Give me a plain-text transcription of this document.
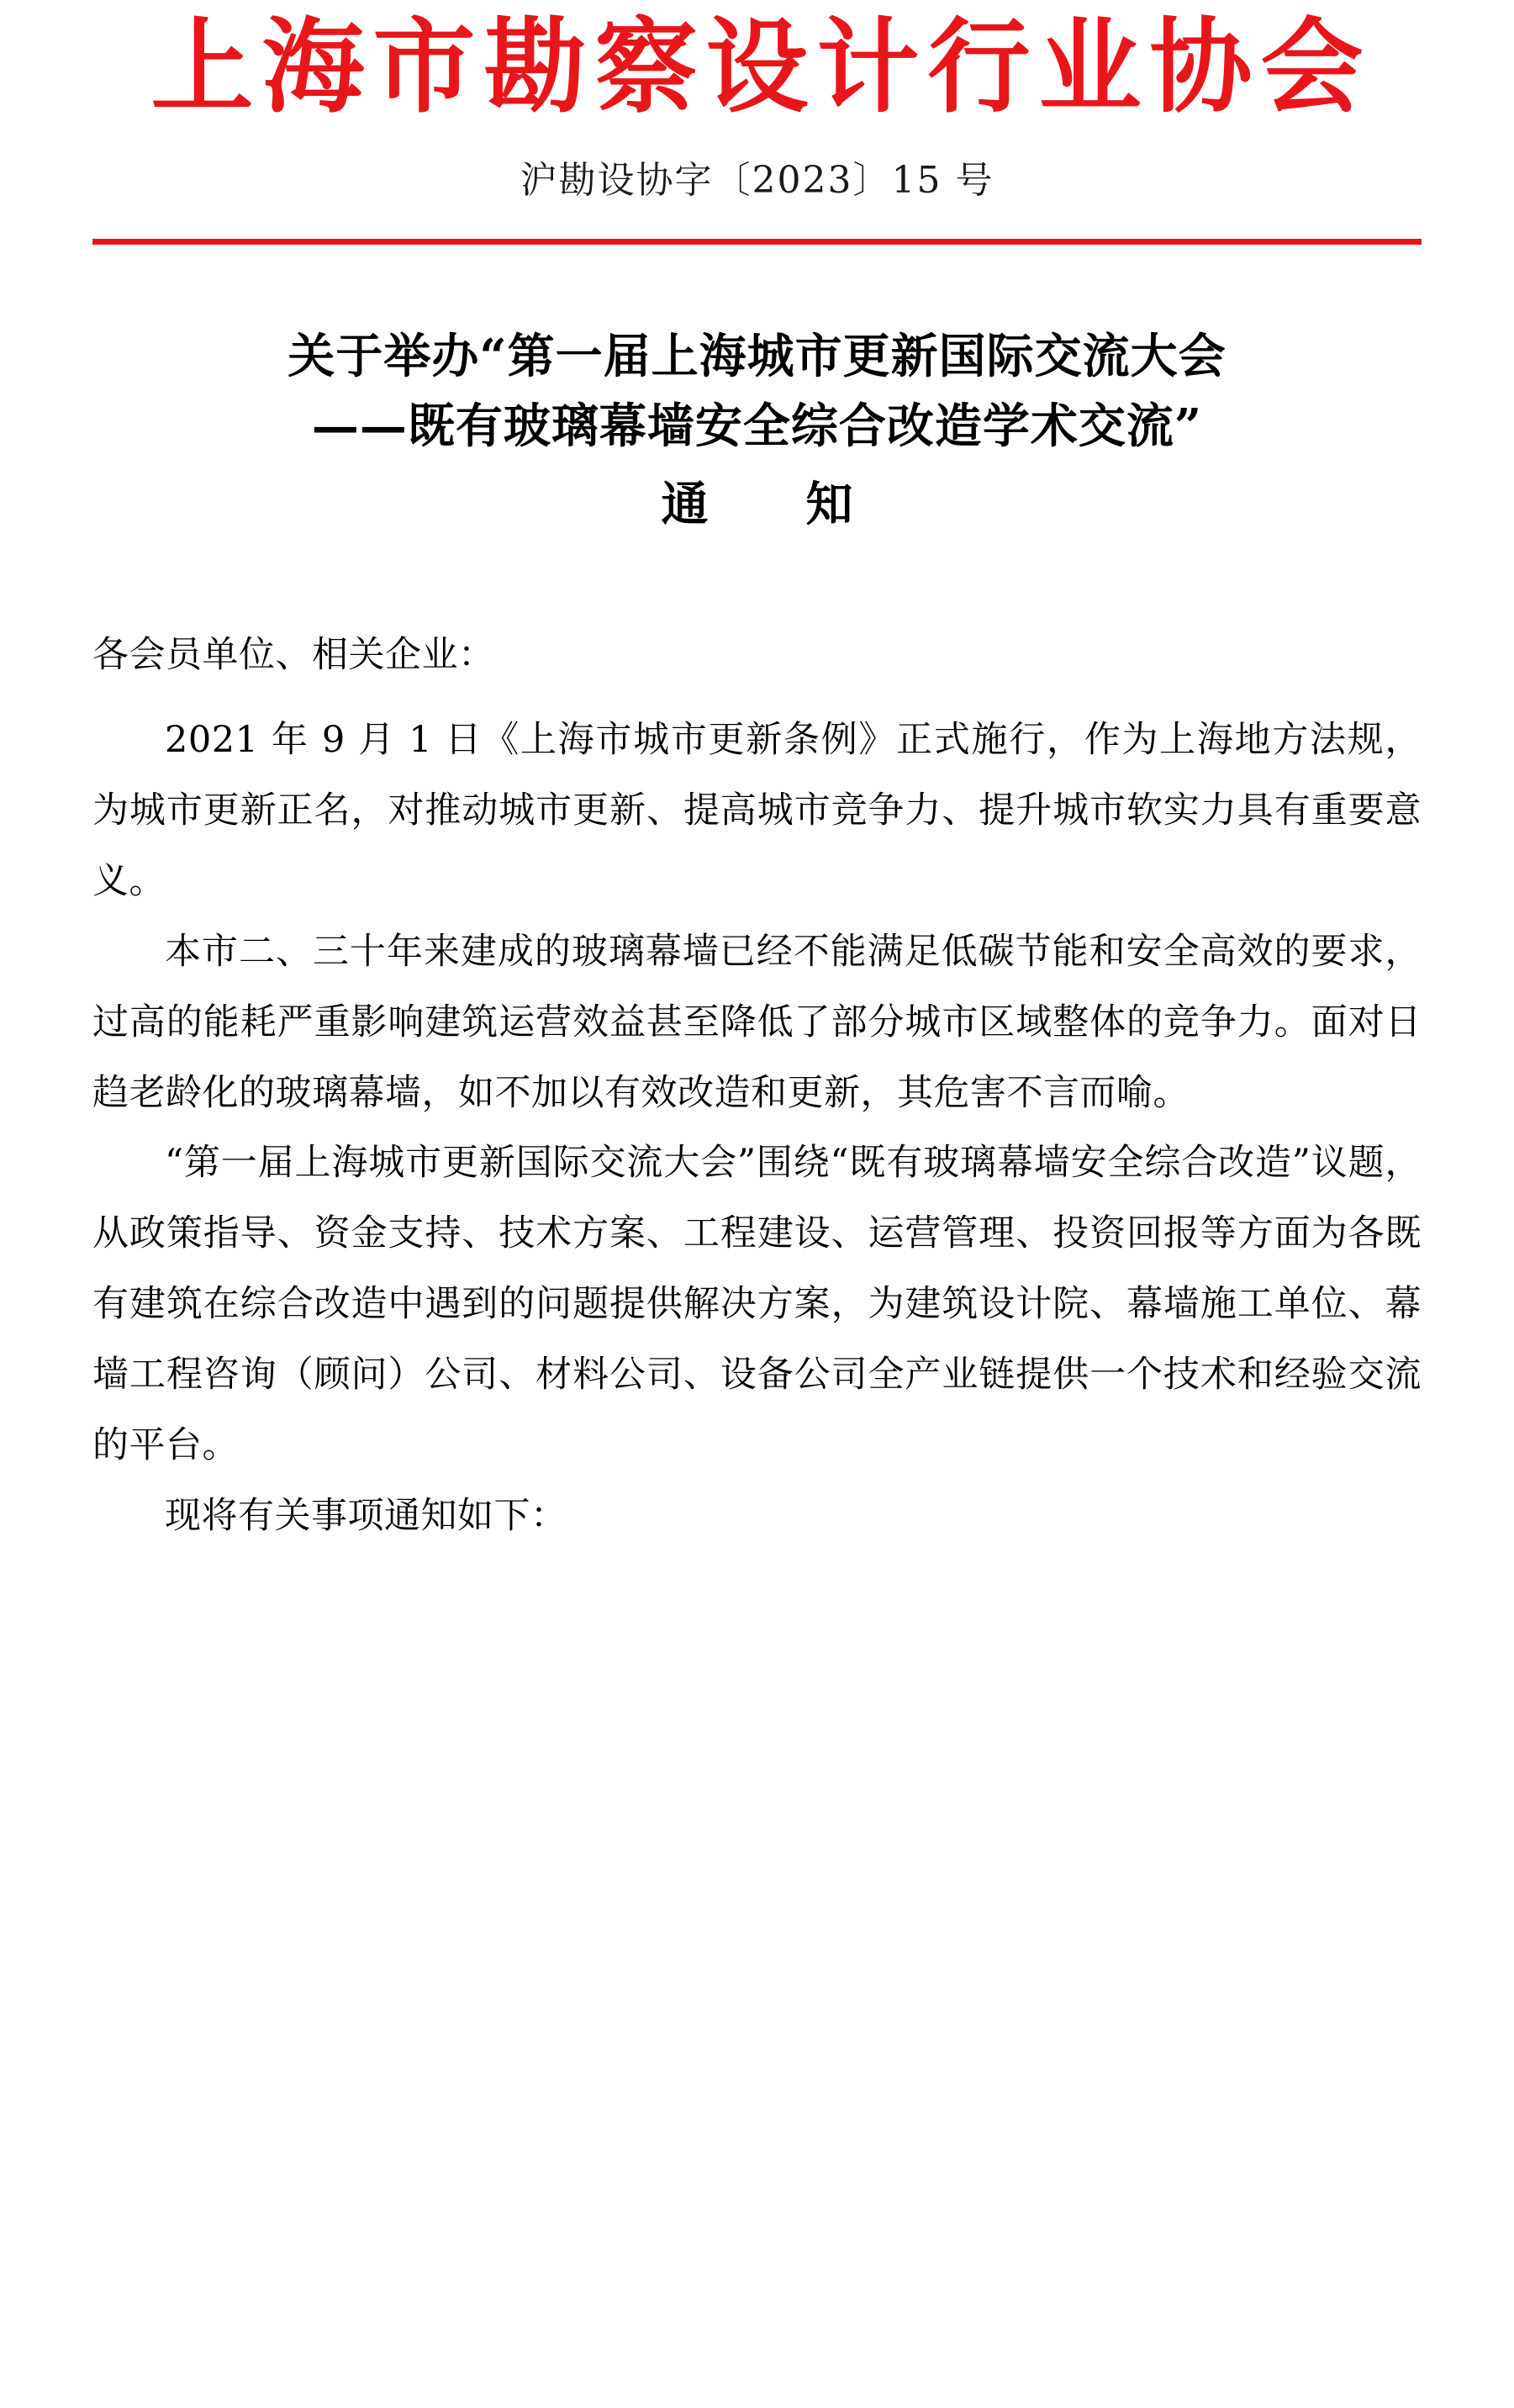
上海市勘察设计行业协会
沪勘设协字〔2023〕15 号
关于举办“第一届上海城市更新国际交流大会
——既有玻璃幕墙安全综合改造学术交流”
通　知

各会员单位、相关企业：

2021 年 9 月 1 日《上海市城市更新条例》正式施行，作为上海地方法规，为城市更新正名，对推动城市更新、提高城市竞争力、提升城市软实力具有重要意义。

本市二、三十年来建成的玻璃幕墙已经不能满足低碳节能和安全高效的要求，过高的能耗严重影响建筑运营效益甚至降低了部分城市区域整体的竞争力。面对日趋老龄化的玻璃幕墙，如不加以有效改造和更新，其危害不言而喻。

“第一届上海城市更新国际交流大会”围绕“既有玻璃幕墙安全综合改造”议题，从政策指导、资金支持、技术方案、工程建设、运营管理、投资回报等方面为各既有建筑在综合改造中遇到的问题提供解决方案，为建筑设计院、幕墙施工单位、幕墙工程咨询（顾问）公司、材料公司、设备公司全产业链提供一个技术和经验交流的平台。

现将有关事项通知如下：
